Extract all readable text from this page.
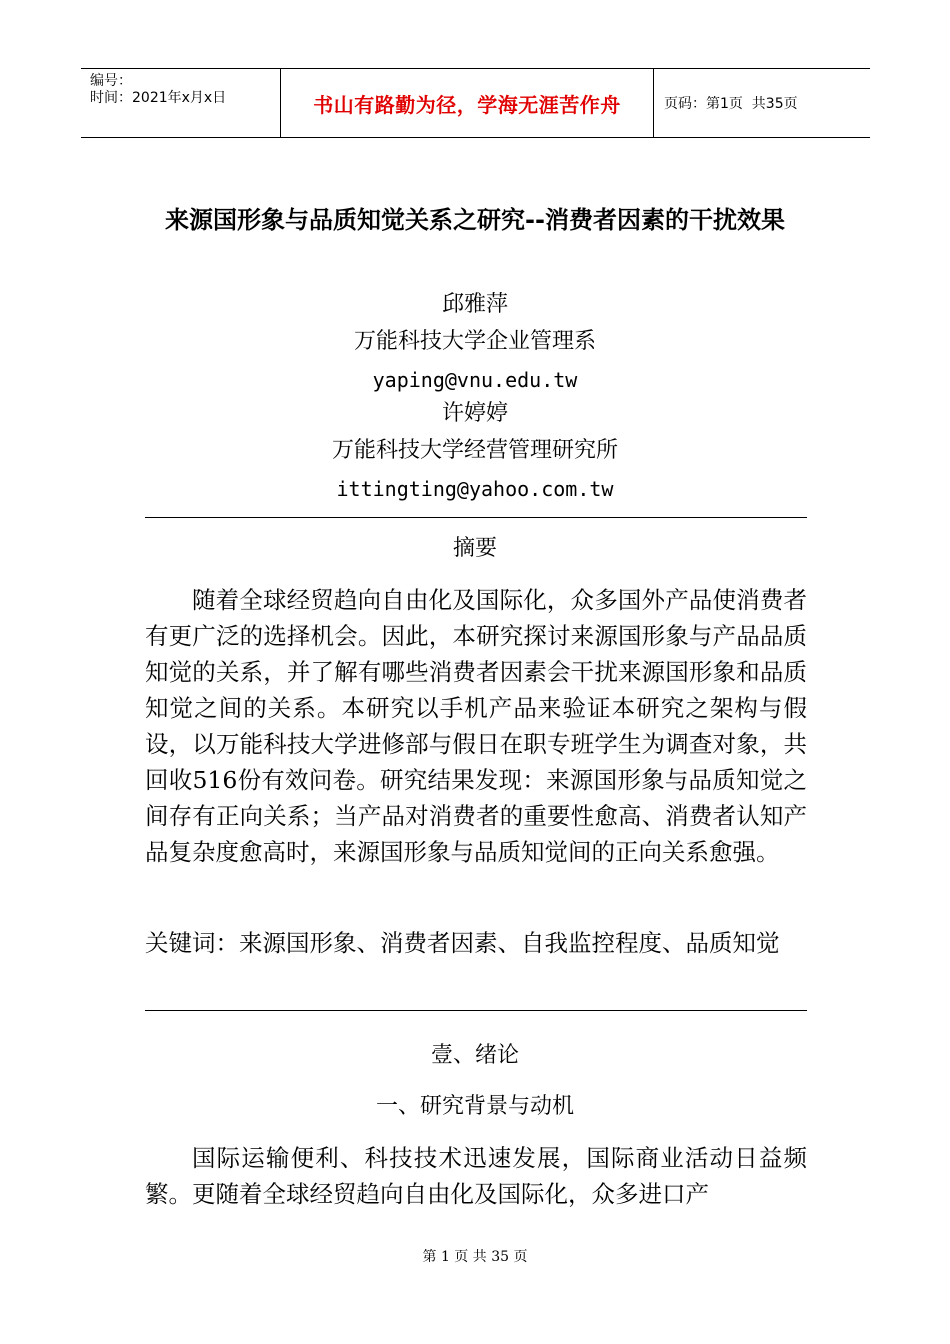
编号：
时间：2021年x月x日	书山有路勤为径，学海无涯苦作舟	页码：第1页  共35页
来源国形象与品质知觉关系之研究--消费者因素的干扰效果
邱雅萍
万能科技大学企业管理系
yaping@vnu.edu.tw
许婷婷
万能科技大学经营管理研究所
ittingting@yahoo.com.tw
摘要

随着全球经贸趋向自由化及国际化，众多国外产品使消费者有更广泛的选择机会。因此，本研究探讨来源国形象与产品品质知觉的关系，并了解有哪些消费者因素会干扰来源国形象和品质知觉之间的关系。本研究以手机产品来验证本研究之架构与假设，以万能科技大学进修部与假日在职专班学生为调查对象，共回收516份有效问卷。研究结果发现：来源国形象与品质知觉之间存有正向关系；当产品对消费者的重要性愈高、消费者认知产品复杂度愈高时，来源国形象与品质知觉间的正向关系愈强。

关键词：来源国形象、消费者因素、自我监控程度、品质知觉

壹、绪论
一、研究背景与动机

国际运输便利、科技技术迅速发展，国际商业活动日益频繁。更随着全球经贸趋向自由化及国际化，众多进口产

第 1 页 共 35 页
